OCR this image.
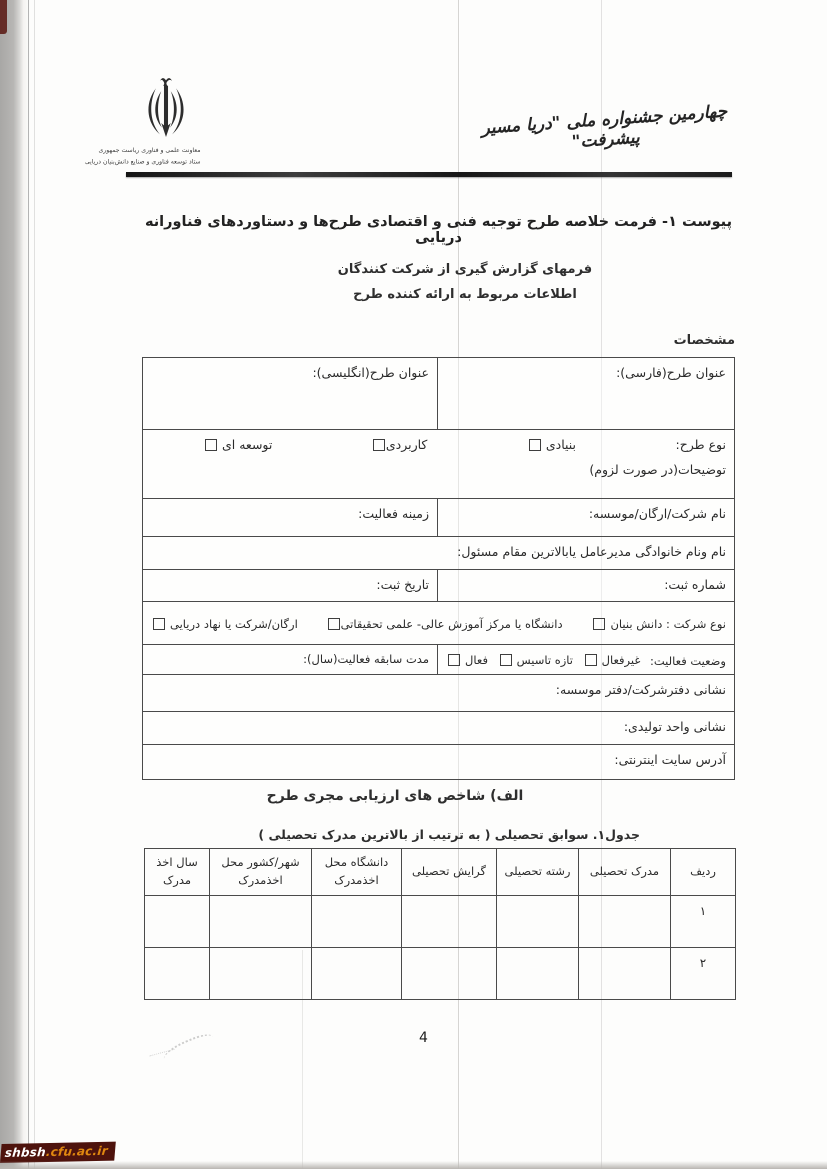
معاونت علمی و فناوری ریاست جمهوری
ستاد توسعه فناوری و صنایع دانش‌بنیان دریایی
چهارمین جشنواره ملی "دریا مسیر پیشرفت"
پیوست ۱- فرمت خلاصه طرح توجیه فنی و اقتصادی طرح‌ها و دستاوردهای فناورانه دریایی
فرمهای گزارش گیری از شرکت کنندگان
اطلاعات مربوط به ارائه کننده طرح
مشخصات
عنوان طرح(فارسی):
عنوان طرح(انگلیسی):
نوع طرح:
بنیادی
کاربردی
توسعه ای
توضیحات(در صورت لزوم)
نام شرکت/ارگان/موسسه:
زمینه فعالیت:
نام ونام خانوادگی مدیرعامل یابالاترین مقام مسئول:
شماره ثبت:
تاریخ ثبت:
نوع شرکت : دانش بنیان
دانشگاه یا مرکز آموزش عالی- علمی تحقیقاتی
ارگان/شرکت یا نهاد دریایی
وضعیت فعالیت:
غیرفعال
تازه تاسیس
فعال
مدت سابقه فعالیت(سال):
نشانی دفترشرکت/دفتر موسسه:
نشانی واحد تولیدی:
آدرس سایت اینترنتی:
الف) شاخص های ارزیابی مجری طرح
جدول۱. سوابق تحصیلی ( به ترتیب از بالاترین مدرک تحصیلی )
ردیف	مدرک تحصیلی	رشته تحصیلی	گرایش تحصیلی	دانشگاه محل اخذمدرک	شهر/کشور محل اخذمدرک	سال اخذ مدرک
۱						
۲						
4
shbsh.cfu.ac.ir
